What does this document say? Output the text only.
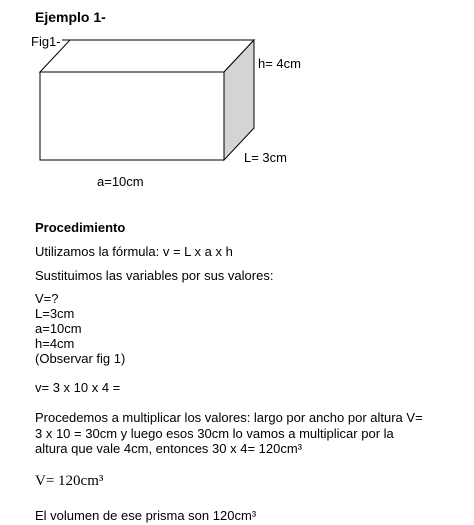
Ejemplo 1-
Fig1-
h= 4cm
L= 3cm
a=10cm
Procedimiento
Utilizamos la fórmula: v = L x a x h
Sustituimos las variables por sus valores:
V=?
L=3cm
a=10cm
h=4cm
(Observar fig 1)
v= 3 x 10 x 4 =
Procedemos a multiplicar los valores: largo por ancho por altura V= 3 x 10 = 30cm y luego esos 30cm lo vamos a multiplicar por la altura que vale 4cm, entonces 30 x 4= 120cm³
V= 120cm³
El volumen de ese prisma son 120cm³
